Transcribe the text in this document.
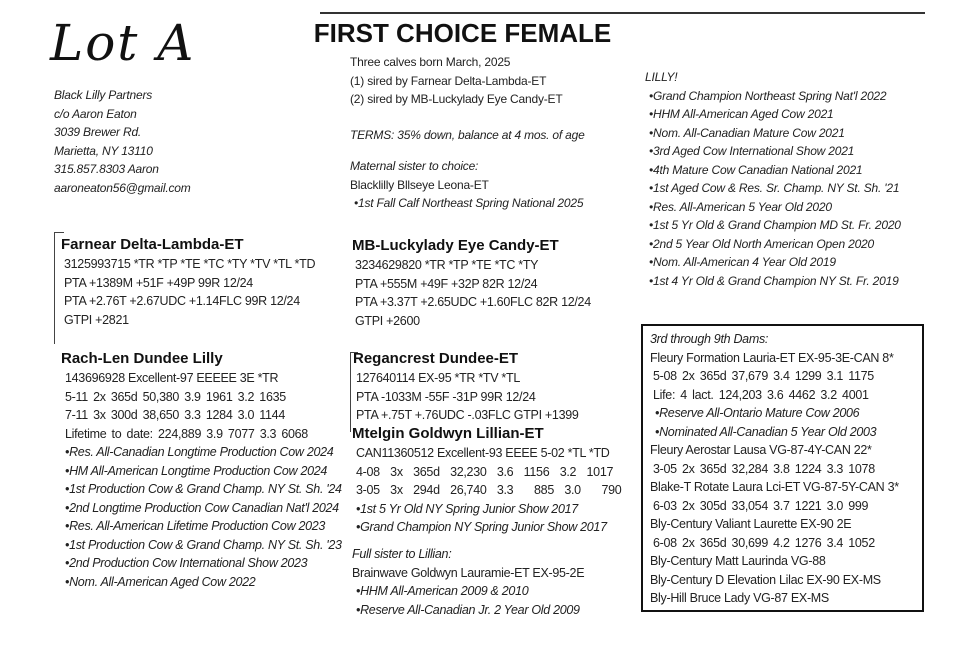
Lot A	FIRST CHOICE FEMALE
Black Lilly Partners
c/o Aaron Eaton
3039 Brewer Rd.
Marietta, NY 13110
315.857.8303 Aaron
aaroneaton56@gmail.com
Three calves born March, 2025
(1) sired by Farnear Delta-Lambda-ET
(2) sired by MB-Luckylady Eye Candy-ET
TERMS: 35% down, balance at 4 mos. of age
Maternal sister to choice:
Blacklilly Bllseye Leona-ET
•1st Fall Calf Northeast Spring National 2025
LILLY!
•Grand Champion Northeast Spring Nat'l 2022
•HHM All-American Aged Cow 2021
•Nom. All-Canadian Mature Cow 2021
•3rd Aged Cow International Show 2021
•4th Mature Cow Canadian National 2021
•1st Aged Cow & Res. Sr. Champ. NY St. Sh. '21
•Res. All-American 5 Year Old 2020
•1st 5 Yr Old & Grand Champion MD St. Fr. 2020
•2nd 5 Year Old North American Open 2020
•Nom. All-American 4 Year Old 2019
•1st 4 Yr Old & Grand Champion NY St. Fr. 2019
Farnear Delta-Lambda-ET
3125993715 *TR *TP *TE *TC *TY *TV *TL *TD
PTA +1389M +51F +49P 99R 12/24
PTA +2.76T +2.67UDC +1.14FLC 99R 12/24
GTPI +2821
MB-Luckylady Eye Candy-ET
3234629820 *TR *TP *TE *TC *TY
PTA +555M +49F +32P 82R 12/24
PTA +3.37T +2.65UDC +1.60FLC 82R 12/24
GTPI +2600
Rach-Len Dundee Lilly
143696928 Excellent-97 EEEEE 3E *TR
5-11 2x 365d 50,380 3.9 1961 3.2 1635
7-11 3x 300d 38,650 3.3 1284 3.0 1144
Lifetime to date: 224,889 3.9 7077 3.3 6068
•Res. All-Canadian Longtime Production Cow 2024
•HM All-American Longtime Production Cow 2024
•1st Production Cow & Grand Champ. NY St. Sh. '24
•2nd Longtime Production Cow Canadian Nat'l 2024
•Res. All-American Lifetime Production Cow 2023
•1st Production Cow & Grand Champ. NY St. Sh. '23
•2nd Production Cow International Show 2023
•Nom. All-American Aged Cow 2022
Regancrest Dundee-ET
127640114 EX-95 *TR *TV *TL
PTA -1033M -55F -31P 99R 12/24
PTA +.75T +.76UDC -.03FLC GTPI +1399
Mtelgin Goldwyn Lillian-ET
CAN11360512 Excellent-93 EEEE 5-02 *TL *TD
4-08  3x  365d  32,230  3.6  1156  3.2  1017
3-05  3x  294d  26,740  3.3    885  3.0    790
•1st 5 Yr Old NY Spring Junior Show 2017
•Grand Champion NY Spring Junior Show 2017
Full sister to Lillian:
Brainwave Goldwyn Lauramie-ET EX-95-2E
•HHM All-American 2009 & 2010
•Reserve All-Canadian Jr. 2 Year Old 2009
3rd through 9th Dams:
Fleury Formation Lauria-ET EX-95-3E-CAN 8*
5-08 2x 365d 37,679 3.4 1299 3.1 1175
Life: 4 lact. 124,203 3.6 4462 3.2 4001
•Reserve All-Ontario Mature Cow 2006
•Nominated All-Canadian 5 Year Old 2003
Fleury Aerostar Lausa VG-87-4Y-CAN 22*
3-05 2x 365d 32,284 3.8 1224 3.3 1078
Blake-T Rotate Laura Lci-ET VG-87-5Y-CAN 3*
6-03 2x 305d 33,054 3.7 1221 3.0 999
Bly-Century Valiant Laurette EX-90 2E
6-08 2x 365d 30,699 4.2 1276 3.4 1052
Bly-Century Matt Laurinda VG-88
Bly-Century D Elevation Lilac EX-90 EX-MS
Bly-Hill Bruce Lady VG-87 EX-MS
